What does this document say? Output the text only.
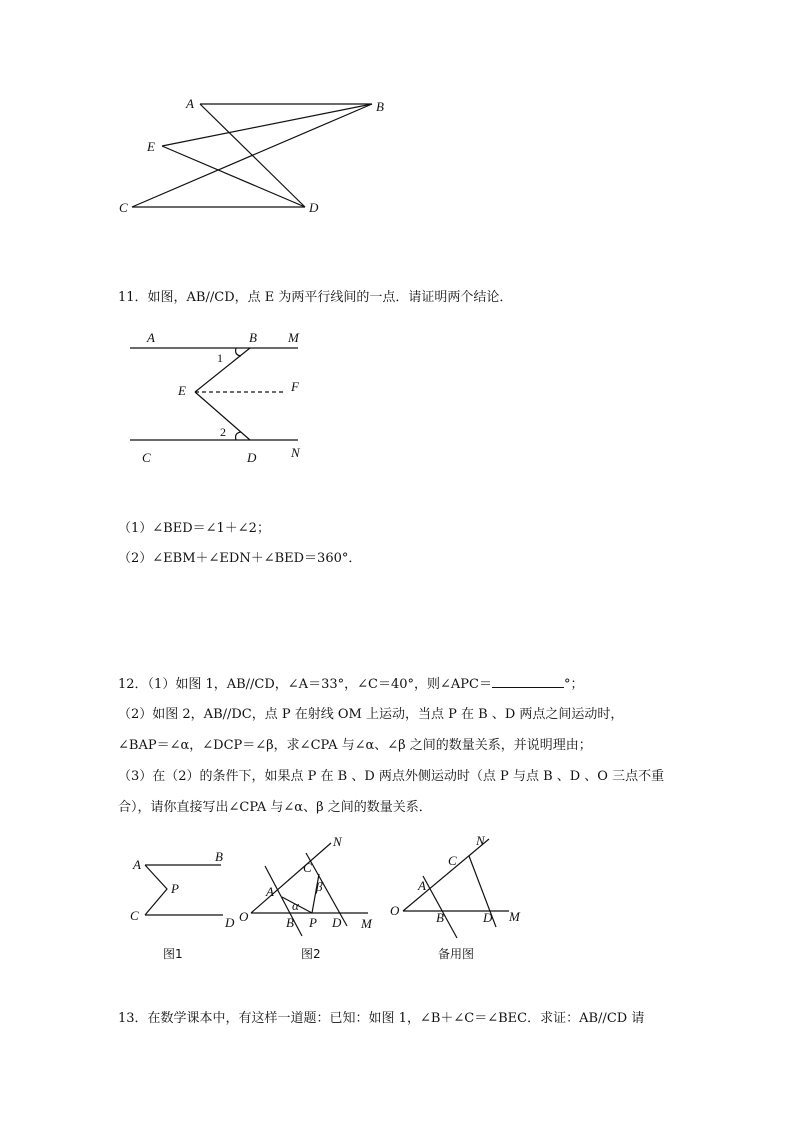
A	B
E
C	D
11．如图，AB//CD，点 E 为两平行线间的一点．请证明两个结论．
A	B M
1
E	F
2
C	D	N
（1）∠BED＝∠1＋∠2；
（2）∠EBM＋∠EDN＋∠BED＝360°．
12．（1）如图 1，AB//CD，∠A＝33°，∠C＝40°，则∠APC＝	°；
（2）如图 2，AB//DC，点 P 在射线 OM 上运动，当点 P 在 B 、D 两点之间运动时，
∠BAP＝∠α，∠DCP＝∠β，求∠CPA 与∠α、∠β 之间的数量关系，并说明理由；
（3）在（2）的条件下，如果点 P 在 B 、D 两点外侧运动时（点 P 与点 B 、D 、O 三点不重
合），请你直接写出∠CPA 与∠α、β 之间的数量关系．
A
B
P
C	D
图1
N
C
β
A
α
O	B P D M
图2
N
C
A
O	B	D M
备用图
13．在数学课本中，有这样一道题：已知：如图 1，∠B＋∠C＝∠BEC．求证：AB//CD 请
